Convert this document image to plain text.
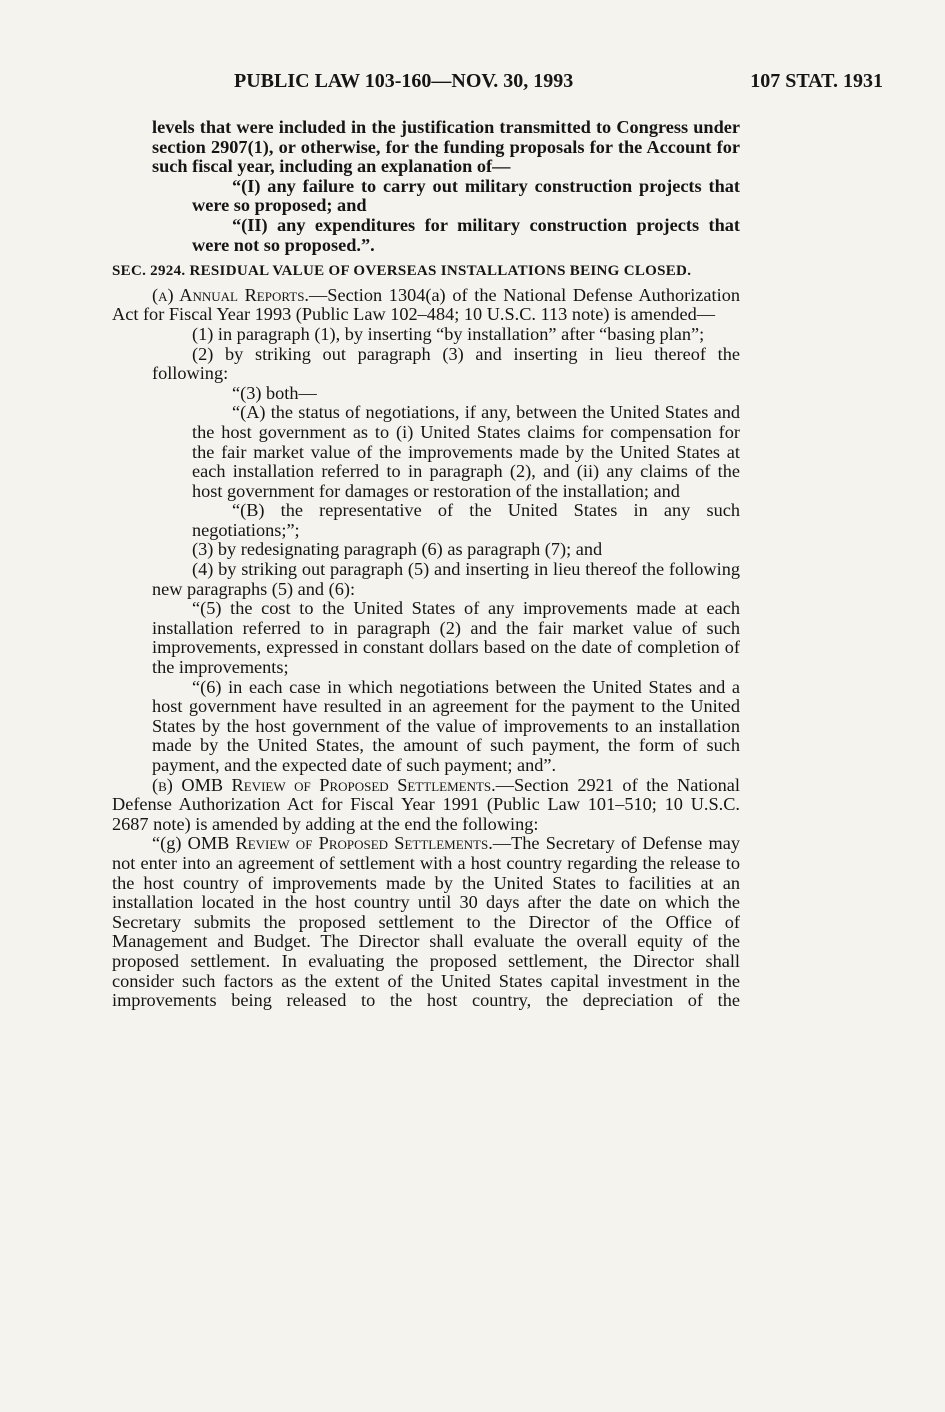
PUBLIC LAW 103-160—NOV. 30, 1993	107 STAT. 1931

levels that were included in the justification transmitted to Congress under section 2907(1), or otherwise, for the funding proposals for the Account for such fiscal year, including an explanation of—

“(I) any failure to carry out military construction projects that were so proposed; and

“(II) any expenditures for military construction projects that were not so proposed.”.

SEC. 2924. RESIDUAL VALUE OF OVERSEAS INSTALLATIONS BEING CLOSED.

(a) Annual Reports.—Section 1304(a) of the National Defense Authorization Act for Fiscal Year 1993 (Public Law 102–484; 10 U.S.C. 113 note) is amended—

(1) in paragraph (1), by inserting “by installation” after “basing plan”;

(2) by striking out paragraph (3) and inserting in lieu thereof the following:

“(3) both—

“(A) the status of negotiations, if any, between the United States and the host government as to (i) United States claims for compensation for the fair market value of the improvements made by the United States at each installation referred to in paragraph (2), and (ii) any claims of the host government for damages or restoration of the installation; and

“(B) the representative of the United States in any such negotiations;”;

(3) by redesignating paragraph (6) as paragraph (7); and

(4) by striking out paragraph (5) and inserting in lieu thereof the following new paragraphs (5) and (6):

“(5) the cost to the United States of any improvements made at each installation referred to in paragraph (2) and the fair market value of such improvements, expressed in constant dollars based on the date of completion of the improvements;

“(6) in each case in which negotiations between the United States and a host government have resulted in an agreement for the payment to the United States by the host government of the value of improvements to an installation made by the United States, the amount of such payment, the form of such payment, and the expected date of such payment; and”.

(b) OMB Review of Proposed Settlements.—Section 2921 of the National Defense Authorization Act for Fiscal Year 1991 (Public Law 101–510; 10 U.S.C. 2687 note) is amended by adding at the end the following:

“(g) OMB Review of Proposed Settlements.—The Secretary of Defense may not enter into an agreement of settlement with a host country regarding the release to the host country of improvements made by the United States to facilities at an installation located in the host country until 30 days after the date on which the Secretary submits the proposed settlement to the Director of the Office of Management and Budget. The Director shall evaluate the overall equity of the proposed settlement. In evaluating the proposed settlement, the Director shall consider such factors as the extent of the United States capital investment in the improvements being released to the host country, the depreciation of the
